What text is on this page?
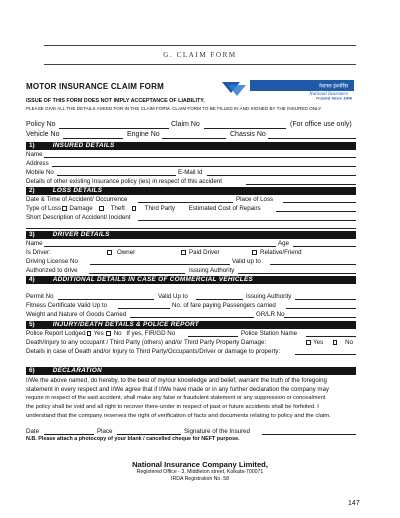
G. CLAIM FORM
MOTOR INSURANCE CLAIM FORM	नेशनल इंश्योरेंस
National Insurance
Trusted Since 1906
ISSUE OF THIS FORM DOES NOT IMPLY ACCEPTANCE OF LIABILITY.
PLEASE GIVE ALL THE DETAILS ASKED FOR IN THE CLAIM FORM. CLAIM FORM TO BE FILLED IN AND SIGNED BY THE INSURED ONLY.
Policy No	Claim No	(For office use only)
Vehicle No	Engine No	Chassis No
1)	INSURED DETAILS
Name
Address
Mobile No	E-Mail Id
Details of other existing Insurance policy (ies) in respect of this accident
2)	LOSS DETAILS
Date & Time of Accident/ Occurrence	Place of Loss
Type of Loss Damage	Theft	Third Party Estimated Cost of Repairs
Short Description of Accident/ Incident
3)	DRIVER DETAILS
Name	Age
Is Driver:	Owner	Paid Driver	Relative/Friend
Driving License No	Valid up to
Authorized to drive	Issuing Authority
4)	ADDITIONAL DETAILS IN CASE OF COMMERCIAL VEHICLES
Permit No	Valid Up to	Issuing Authority
Fitness Certificate Valid Up to	No. of fare paying Passengers carried
Weight and Nature of Goods Carried	GR/LR No
5)	INJURY/DEATH DETAILS & POLICE REPORT
Police Report Lodged Yes No If yes, FIR/GD No	Police Station Name
Death/Injury to any occupant / Third Party (others) and/or Third Party Property Damage:	Yes	No
Details in case of Death and/or Injury to Third Party/Occupants/Driver or damage to property:
6)	DECLARATION
I/We the above named, do hereby, to the best of my/our knowledge and belief, warrant the truth of the foregoing
statement in every respect and I/We agree that if I/We have made or in any further declaration the company may
require in respect of the said accident, shall make any false or fraudulent statement or any suppression or concealment
the policy shall be void and all right to recover there-under in respect of past or future accidents shall be forfeited. I
understand that the company reserves the right of verification of facts and documents relating to policy and the claim.
Date	Place	Signature of the Insured
N.B. Please attach a photocopy of your blank / cancelled cheque for NEFT purpose.
National Insurance Company Limited,
Registered Office - 3, Middleton street, Kolkata-700071
IRDA Registration No. 58
147
